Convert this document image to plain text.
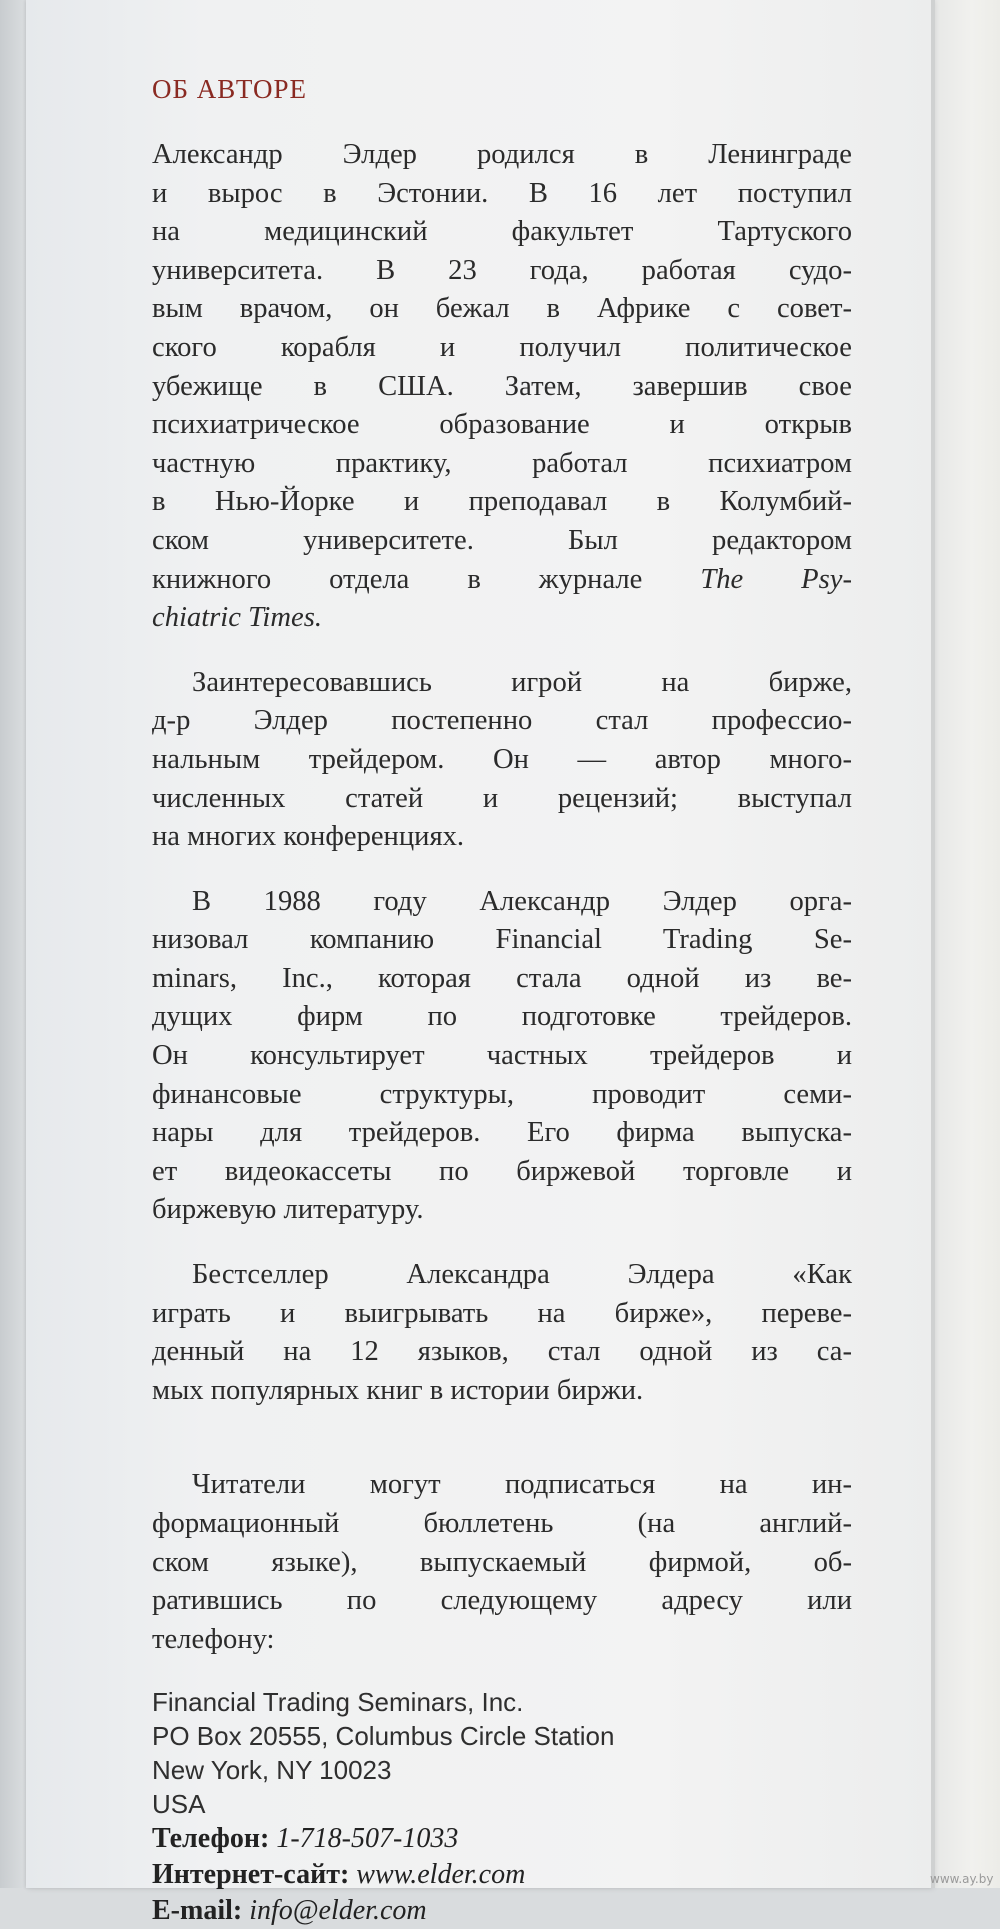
ОБ АВТОРЕ
Александр Элдер родился в Ленинграде
и вырос в Эстонии. В 16 лет поступил
на медицинский факультет Тартуского
университета. В 23 года, работая судо-
вым врачом, он бежал в Африке с совет-
ского корабля и получил политическое
убежище в США. Затем, завершив свое
психиатрическое образование и открыв
частную практику, работал психиатром
в Нью-Йорке и преподавал в Колумбий-
ском университете. Был редактором
книжного отдела в журнале The Psy-
chiatric Times.
Заинтересовавшись игрой на бирже,
д-р Элдер постепенно стал профессио-
нальным трейдером. Он — автор много-
численных статей и рецензий; выступал
на многих конференциях.
В 1988 году Александр Элдер орга-
низовал компанию Financial Trading Se-
minars, Inc., которая стала одной из ве-
дущих фирм по подготовке трейдеров.
Он консультирует частных трейдеров и
финансовые структуры, проводит семи-
нары для трейдеров. Его фирма выпуска-
ет видеокассеты по биржевой торговле и
биржевую литературу.
Бестселлер Александра Элдера «Как
играть и выигрывать на бирже», переве-
денный на 12 языков, стал одной из са-
мых популярных книг в истории биржи.
Читатели могут подписаться на ин-
формационный бюллетень (на англий-
ском языке), выпускаемый фирмой, об-
ратившись по следующему адресу или
телефону:
Financial Trading Seminars, Inc.
PO Box 20555, Columbus Circle Station
New York, NY 10023
USA
Телефон: 1-718-507-1033
Интернет-сайт: www.elder.com
E-mail: info@elder.com
www.ay.by
